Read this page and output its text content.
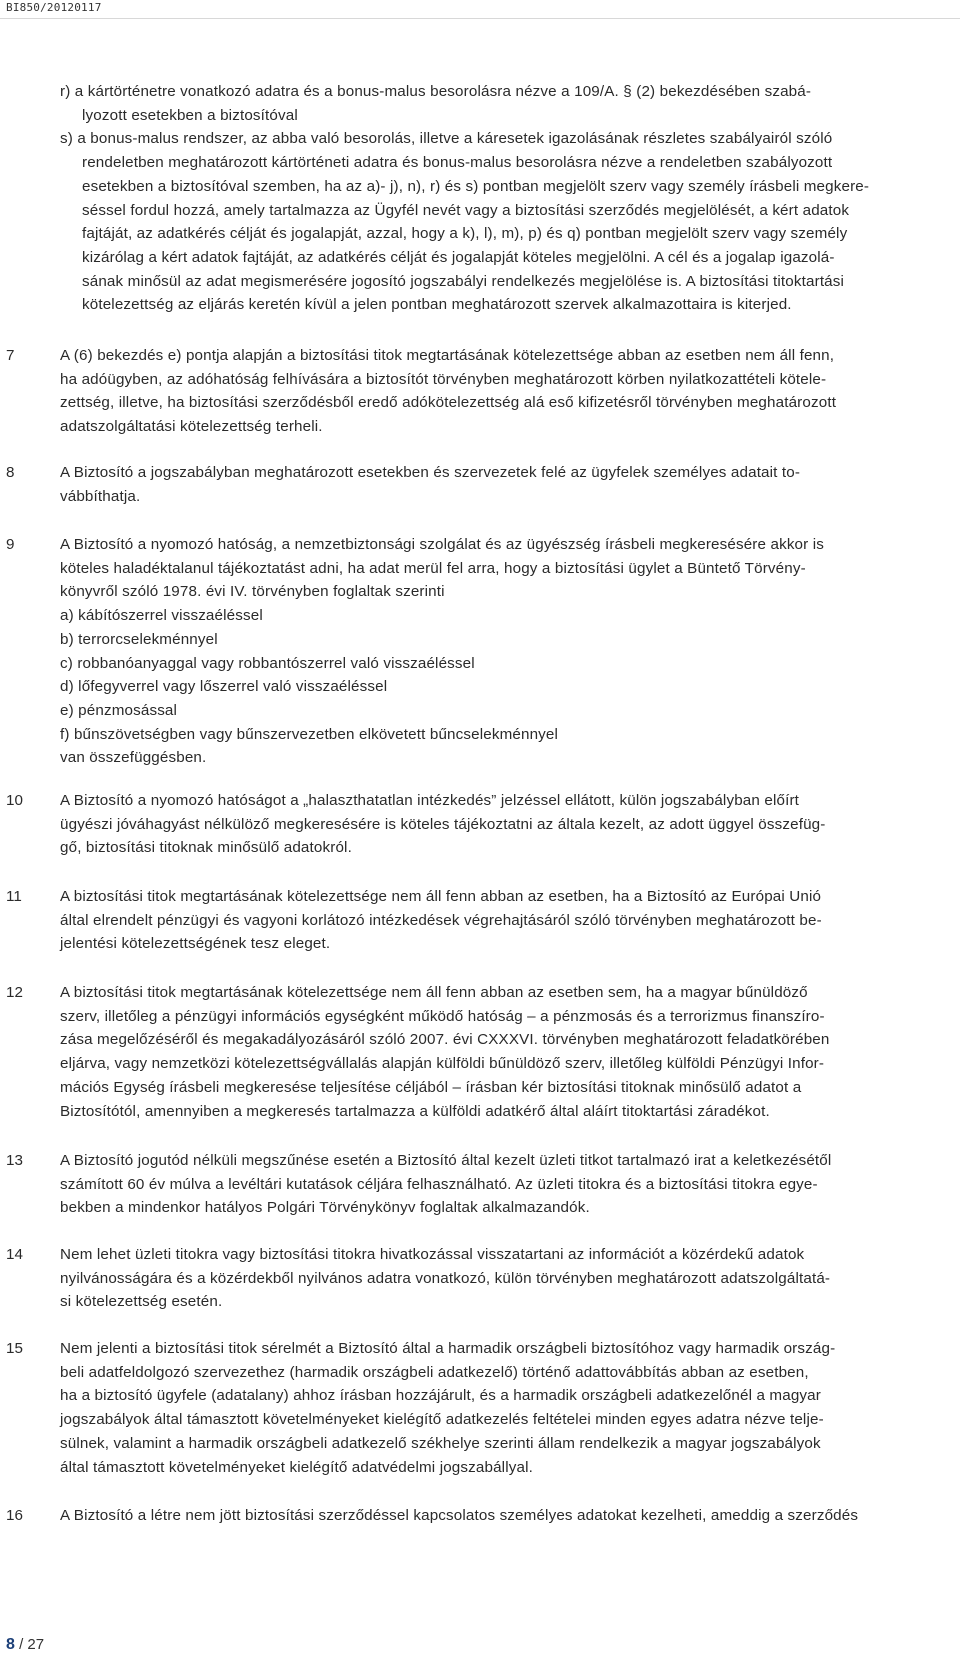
BI850/20120117
r) a kártörténetre vonatkozó adatra és a bonus-malus besorolásra nézve a 109/A. § (2) bekezdésében szabá-
lyozott esetekben a biztosítóval
s) a bonus-malus rendszer, az abba való besorolás, illetve a káresetek igazolásának részletes szabályairól szóló
rendeletben meghatározott kártörténeti adatra és bonus-malus besorolásra nézve a rendeletben szabályozott
esetekben a biztosítóval szemben, ha az a)- j), n), r) és s) pontban megjelölt szerv vagy személy írásbeli megkere-
séssel fordul hozzá, amely tartalmazza az Ügyfél nevét vagy a biztosítási szerződés megjelölését, a kért adatok
fajtáját, az adatkérés célját és jogalapját, azzal, hogy a k), l), m), p) és q) pontban megjelölt szerv vagy személy
kizárólag a kért adatok fajtáját, az adatkérés célját és jogalapját köteles megjelölni. A cél és a jogalap igazolá-
sának minősül az adat megismerésére jogosító jogszabályi rendelkezés megjelölése is. A biztosítási titoktartási
kötelezettség az eljárás keretén kívül a jelen pontban meghatározott szervek alkalmazottaira is kiterjed.
7	A (6) bekezdés e) pontja alapján a biztosítási titok megtartásának kötelezettsége abban az esetben nem áll fenn,
ha adóügyben, az adóhatóság felhívására a biztosítót törvényben meghatározott körben nyilatkozattételi kötele-
zettség, illetve, ha biztosítási szerződésből eredő adókötelezettség alá eső kifizetésről törvényben meghatározott
adatszolgáltatási kötelezettség terheli.
8	A Biztosító a jogszabályban meghatározott esetekben és szervezetek felé az ügyfelek személyes adatait to-
vábbíthatja.
9	A Biztosító a nyomozó hatóság, a nemzetbiztonsági szolgálat és az ügyészség írásbeli megkeresésére akkor is
köteles haladéktalanul tájékoztatást adni, ha adat merül fel arra, hogy a biztosítási ügylet a Büntető Törvény-
könyvről szóló 1978. évi IV. törvényben foglaltak szerinti
a) kábítószerrel visszaéléssel
b) terrorcselekménnyel
c) robbanóanyaggal vagy robbantószerrel való visszaéléssel
d) lőfegyverrel vagy lőszerrel való visszaéléssel
e) pénzmosással
f) bűnszövetségben vagy bűnszervezetben elkövetett bűncselekménnyel
van összefüggésben.
10 A Biztosító a nyomozó hatóságot a „halaszthatatlan intézkedés” jelzéssel ellátott, külön jogszabályban előírt
ügyészi jóváhagyást nélkülöző megkeresésére is köteles tájékoztatni az általa kezelt, az adott üggyel összefüg-
gő, biztosítási titoknak minősülő adatokról.
11	A biztosítási titok megtartásának kötelezettsége nem áll fenn abban az esetben, ha a Biztosító az Európai Unió
által elrendelt pénzügyi és vagyoni korlátozó intézkedések végrehajtásáról szóló törvényben meghatározott be-
jelentési kötelezettségének tesz eleget.
12 A biztosítási titok megtartásának kötelezettsége nem áll fenn abban az esetben sem, ha a magyar bűnüldöző
szerv, illetőleg a pénzügyi információs egységként működő hatóság – a pénzmosás és a terrorizmus finanszíro-
zása megelőzéséről és megakadályozásáról szóló 2007. évi CXXXVI. törvényben meghatározott feladatkörében
eljárva, vagy nemzetközi kötelezettségvállalás alapján külföldi bűnüldöző szerv, illetőleg külföldi Pénzügyi Infor-
mációs Egység írásbeli megkeresése teljesítése céljából – írásban kér biztosítási titoknak minősülő adatot a
Biztosítótól, amennyiben a megkeresés tartalmazza a külföldi adatkérő által aláírt titoktartási záradékot.
13 A Biztosító jogutód nélküli megszűnése esetén a Biztosító által kezelt üzleti titkot tartalmazó irat a keletkezésétől
számított 60 év múlva a levéltári kutatások céljára felhasználható. Az üzleti titokra és a biztosítási titokra egye-
bekben a mindenkor hatályos Polgári Törvénykönyv foglaltak alkalmazandók.
14 Nem lehet üzleti titokra vagy biztosítási titokra hivatkozással visszatartani az információt a közérdekű adatok
nyilvánosságára és a közérdekből nyilvános adatra vonatkozó, külön törvényben meghatározott adatszolgáltatá-
si kötelezettség esetén.
15 Nem jelenti a biztosítási titok sérelmét a Biztosító által a harmadik országbeli biztosítóhoz vagy harmadik ország-
beli adatfeldolgozó szervezethez (harmadik országbeli adatkezelő) történő adattovábbítás abban az esetben,
ha a biztosító ügyfele (adatalany) ahhoz írásban hozzájárult, és a harmadik országbeli adatkezelőnél a magyar
jogszabályok által támasztott követelményeket kielégítő adatkezelés feltételei minden egyes adatra nézve telje-
sülnek, valamint a harmadik országbeli adatkezelő székhelye szerinti állam rendelkezik a magyar jogszabályok
által támasztott követelményeket kielégítő adatvédelmi jogszabállyal.
16 A Biztosító a létre nem jött biztosítási szerződéssel kapcsolatos személyes adatokat kezelheti, ameddig a szerződés
8 / 27
